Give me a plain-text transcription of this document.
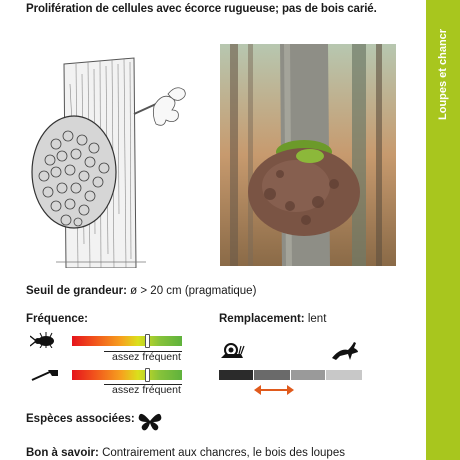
Prolifération de cellules avec écorce rugueuse; pas de bois carié.
Loupes et chancr
Seuil de grandeur: ø > 20 cm (pragmatique)
Fréquence:
assez fréquent
assez fréquent
Remplacement: lent
Espèces associées:
Bon à savoir: Contrairement aux chancres, le bois des loupes
